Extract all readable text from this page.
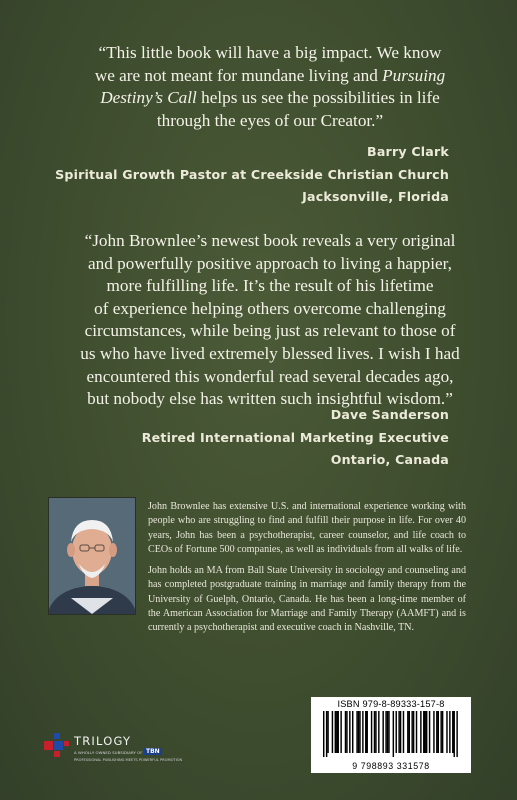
“This little book will have a big impact. We know
we are not meant for mundane living and Pursuing
Destiny’s Call helps us see the possibilities in life
through the eyes of our Creator.”
Barry Clark
Spiritual Growth Pastor at Creekside Christian Church
Jacksonville, Florida
“John Brownlee’s newest book reveals a very original
and powerfully positive approach to living a happier,
more fulfilling life. It’s the result of his lifetime
of experience helping others overcome challenging
circumstances, while being just as relevant to those of
us who have lived extremely blessed lives. I wish I had
encountered this wonderful read several decades ago,
but nobody else has written such insightful wisdom.”
Dave Sanderson
Retired International Marketing Executive
Ontario, Canada

John Brownlee has extensive U.S. and international experience working with people who are struggling to find and fulfill their purpose in life. For over 40 years, John has been a psychotherapist, career counselor, and life coach to CEOs of Fortune 500 companies, as well as individuals from all walks of life.

John holds an MA from Ball State University in sociology and counseling and has completed postgraduate training in marriage and family therapy from the University of Guelph, Ontario, Canada. He has been a long-time member of the American Association for Marriage and Family Therapy (AAMFT) and is currently a psychotherapist and executive coach in Nashville, TN.

TRILOGY
A WHOLLY OWNED SUBSIDIARY OF TBN
PROFESSIONAL PUBLISHING MEETS POWERFUL PROMOTION
ISBN 979-8-89333-157-8
9 798893 331578
